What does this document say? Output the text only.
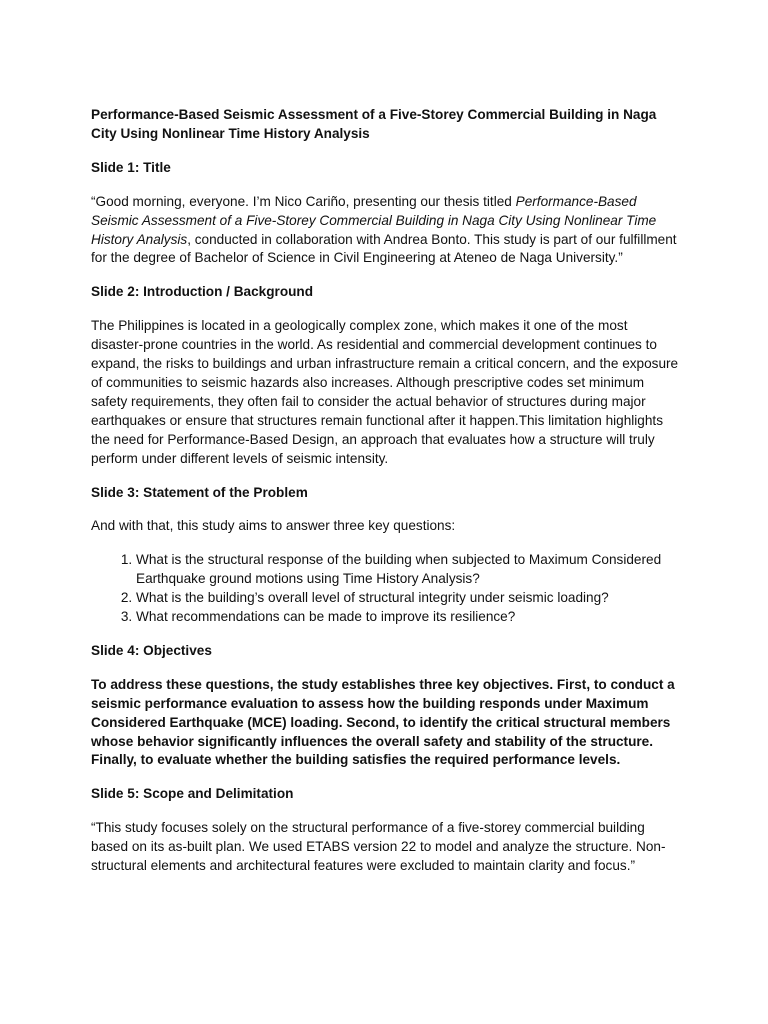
Performance-Based Seismic Assessment of a Five-Storey Commercial Building in Naga City Using Nonlinear Time History Analysis

Slide 1: Title

“Good morning, everyone. I’m Nico Cariño, presenting our thesis titled Performance-Based Seismic Assessment of a Five-Storey Commercial Building in Naga City Using Nonlinear Time History Analysis, conducted in collaboration with Andrea Bonto. This study is part of our fulfillment for the degree of Bachelor of Science in Civil Engineering at Ateneo de Naga University.”

Slide 2: Introduction / Background

The Philippines is located in a geologically complex zone, which makes it one of the most disaster-prone countries in the world. As residential and commercial development continues to expand, the risks to buildings and urban infrastructure remain a critical concern, and the exposure of communities to seismic hazards also increases. Although prescriptive codes set minimum safety requirements, they often fail to consider the actual behavior of structures during major earthquakes or ensure that structures remain functional after it happen.This limitation highlights the need for Performance-Based Design, an approach that evaluates how a structure will truly perform under different levels of seismic intensity.

Slide 3: Statement of the Problem

And with that, this study aims to answer three key questions:

1. What is the structural response of the building when subjected to Maximum Considered Earthquake ground motions using Time History Analysis?
2. What is the building’s overall level of structural integrity under seismic loading?
3. What recommendations can be made to improve its resilience?

Slide 4: Objectives

To address these questions, the study establishes three key objectives. First, to conduct a seismic performance evaluation to assess how the building responds under Maximum Considered Earthquake (MCE) loading. Second, to identify the critical structural members whose behavior significantly influences the overall safety and stability of the structure. Finally, to evaluate whether the building satisfies the required performance levels.

Slide 5: Scope and Delimitation

“This study focuses solely on the structural performance of a five-storey commercial building based on its as-built plan. We used ETABS version 22 to model and analyze the structure. Non-structural elements and architectural features were excluded to maintain clarity and focus.”
